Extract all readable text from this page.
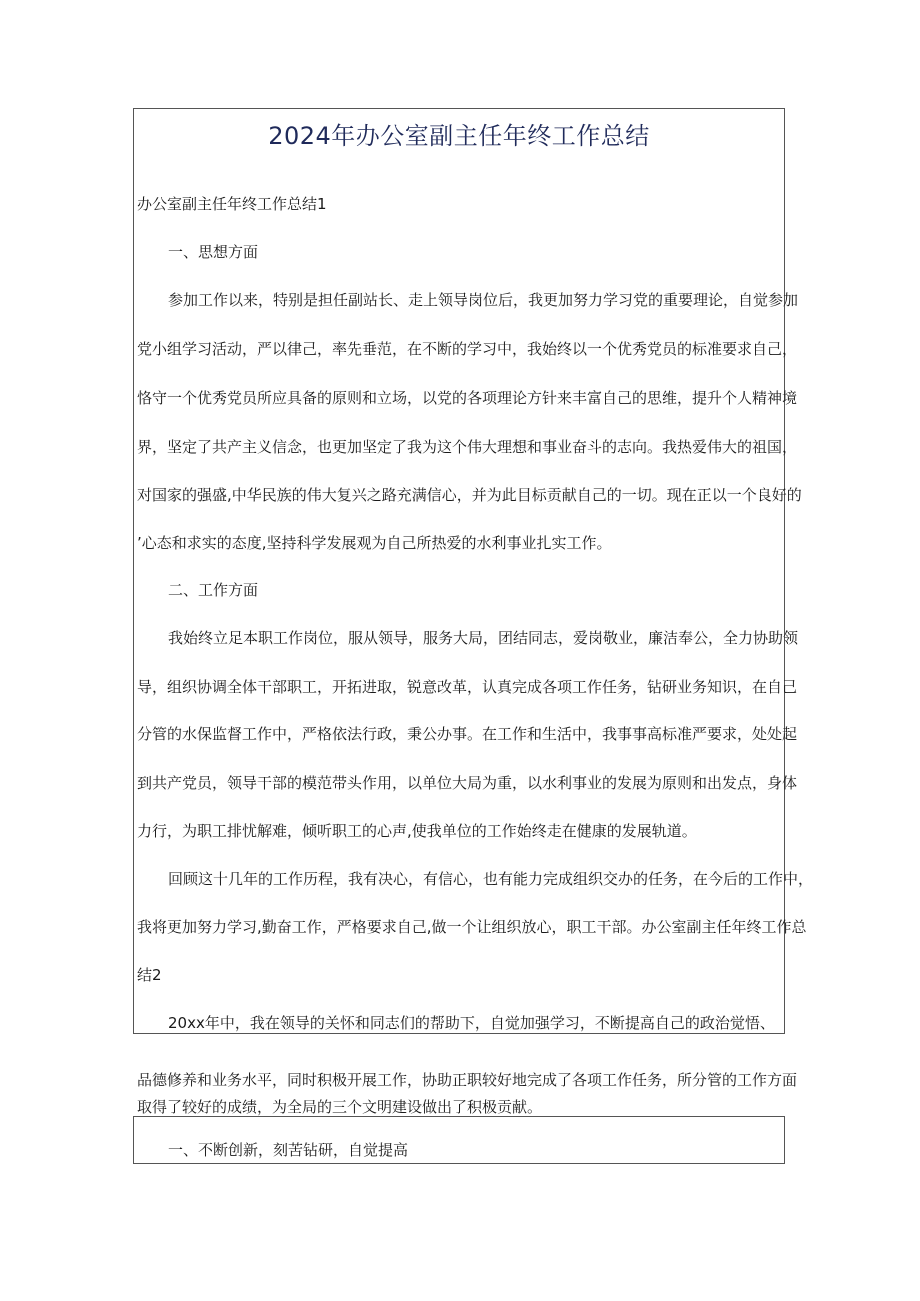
2024年办公室副主任年终工作总结
办公室副主任年终工作总结1
一、思想方面
参加工作以来，特别是担任副站长、走上领导岗位后，我更加努力学习党的重要理论，自觉参加
党小组学习活动，严以律己，率先垂范，在不断的学习中，我始终以一个优秀党员的标准要求自己，
恪守一个优秀党员所应具备的原则和立场，以党的各项理论方针来丰富自己的思维，提升个人精神境
界，坚定了共产主义信念，也更加坚定了我为这个伟大理想和事业奋斗的志向。我热爱伟大的祖国，
对国家的强盛,中华民族的伟大复兴之路充满信心，并为此目标贡献自己的一切。现在正以一个良好的
’心态和求实的态度,坚持科学发展观为自己所热爱的水利事业扎实工作。
二、工作方面
我始终立足本职工作岗位，服从领导，服务大局，团结同志，爱岗敬业，廉洁奉公，全力协助领
导，组织协调全体干部职工，开拓进取，锐意改革，认真完成各项工作任务，钻研业务知识，在自己
分管的水保监督工作中，严格依法行政，秉公办事。在工作和生活中，我事事高标准严要求，处处起
到共产党员，领导干部的模范带头作用，以单位大局为重，以水利事业的发展为原则和出发点，身体
力行，为职工排忧解难，倾听职工的心声,使我单位的工作始终走在健康的发展轨道。
回顾这十几年的工作历程，我有决心，有信心，也有能力完成组织交办的任务，在今后的工作中，
我将更加努力学习,勤奋工作，严格要求自己,做一个让组织放心，职工干部。办公室副主任年终工作总
结2
20xx年中，我在领导的关怀和同志们的帮助下，自觉加强学习，不断提高自己的政治觉悟、
品德修养和业务水平，同时积极开展工作，协助正职较好地完成了各项工作任务，所分管的工作方面
取得了较好的成绩，为全局的三个文明建设做出了积极贡献。
一、不断创新，刻苦钻研，自觉提高
